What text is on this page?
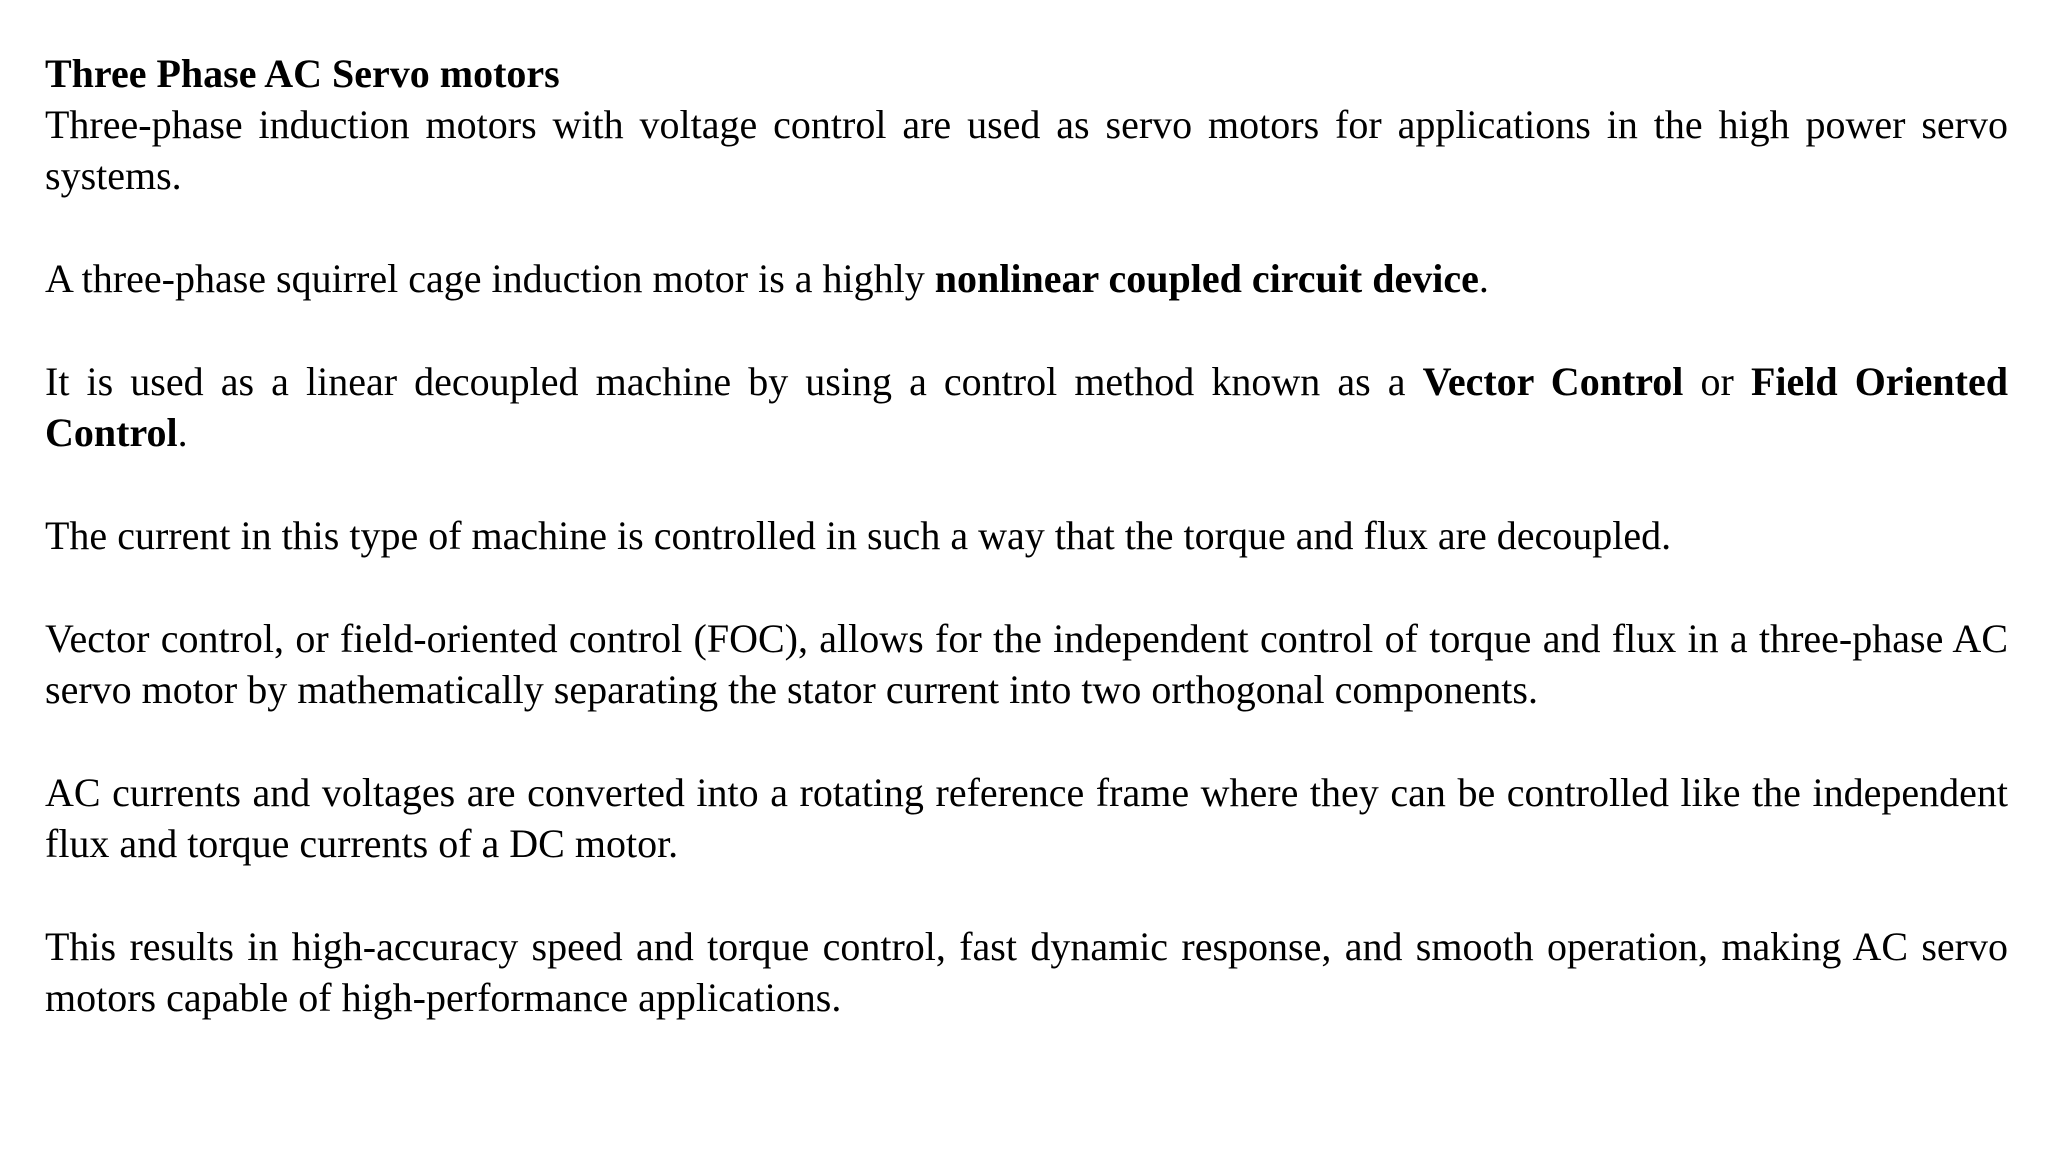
Three Phase AC Servo motors

Three-phase induction motors with voltage control are used as servo motors for applications in the high power servo systems.

A three-phase squirrel cage induction motor is a highly nonlinear coupled circuit device.

It is used as a linear decoupled machine by using a control method known as a Vector Control or Field Oriented Control.

The current in this type of machine is controlled in such a way that the torque and flux are decoupled.

Vector control, or field-oriented control (FOC), allows for the independent control of torque and flux in a three-phase AC servo motor by mathematically separating the stator current into two orthogonal components.

AC currents and voltages are converted into a rotating reference frame where they can be controlled like the independent flux and torque currents of a DC motor.

This results in high-accuracy speed and torque control, fast dynamic response, and smooth operation, making AC servo motors capable of high-performance applications.
